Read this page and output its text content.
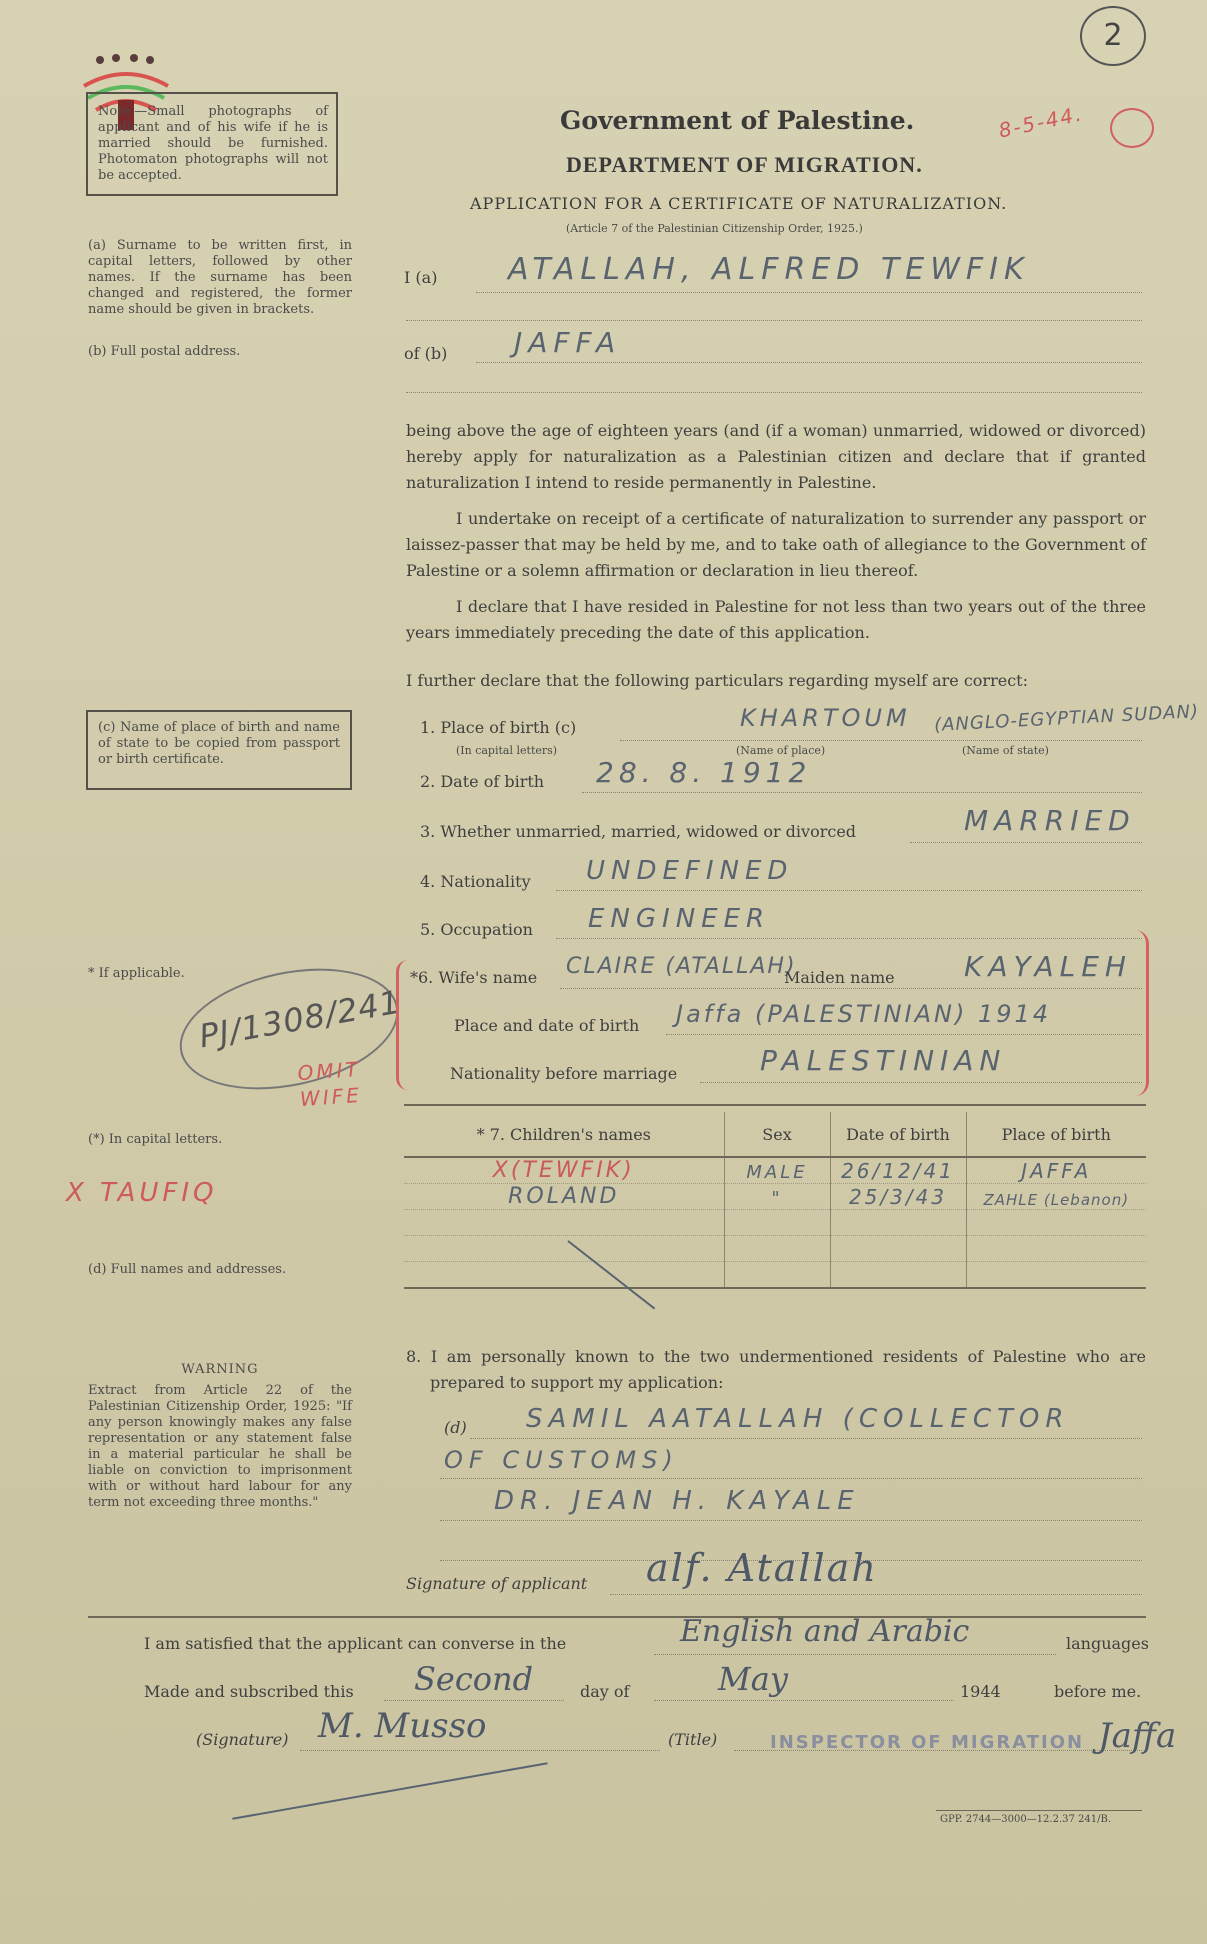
2
8-5-44.
Note.—Small photographs of applicant and of his wife if he is married should be furnished. Photomaton photographs will not be accepted.
(a) Surname to be written first, in capital letters, followed by other names. If the surname has been changed and registered, the former name should be given in brackets.
(b) Full postal address.
(c) Name of place of birth and name of state to be copied from passport or birth certificate.
* If applicable.
PJ/1308/241
OMIT WIFE
(*) In capital letters.
X TAUFIQ
(d) Full names and addresses.
WARNING
Extract from Article 22 of the Palestinian Citizenship Order, 1925: "If any person knowingly makes any false representation or any statement false in a material particular he shall be liable on conviction to imprisonment with or without hard labour for any term not exceeding three months."
Government of Palestine.
DEPARTMENT OF MIGRATION.
APPLICATION FOR A CERTIFICATE OF NATURALIZATION.
(Article 7 of the Palestinian Citizenship Order, 1925.)
I (a) ATALLAH, ALFRED TEWFIK
of (b) JAFFA
being above the age of eighteen years (and (if a woman) unmarried, widowed or divorced) hereby apply for naturalization as a Palestinian citizen and declare that if granted naturalization I intend to reside permanently in Palestine.
I undertake on receipt of a certificate of naturalization to surrender any passport or laissez-passer that may be held by me, and to take oath of allegiance to the Government of Palestine or a solemn affirmation or declaration in lieu thereof.
I declare that I have resided in Palestine for not less than two years out of the three years immediately preceding the date of this application.
I further declare that the following particulars regarding myself are correct:
1. Place of birth (c)
(In capital letters)	(Name of place)	(Name of state)
KHARTOUM (ANGLO-EGYPTIAN SUDAN)
2. Date of birth 28. 8. 1912
3. Whether unmarried, married, widowed or divorced	MARRIED
4. Nationality UNDEFINED
5. Occupation ENGINEER
*6. Wife's name CLAIRE (ATALLAH)
Maiden name KAYALEH
Place and date of birth Jaffa (PALESTINIAN) 1914
Nationality before marriage	PALESTINIAN
* 7. Children's names	Sex	Date of birth	Place of birth
X(TEWFIK)	MALE	26/12/41	JAFFA
ROLAND	"	25/3/43	ZAHLE (Lebanon)

8. I am personally known to the two undermentioned residents of Palestine who are prepared to support my application:
(d) SAMIL AATALLAH (COLLECTOR
OF CUSTOMS)
DR. JEAN H. KAYALE
Signature of applicant alf. Atallah
I am satisfied that the applicant can converse in the	English and Arabic	languages
Made and subscribed this Second	day of	May	1944	before me.
(Signature) M. Musso	(Title)	INSPECTOR OF MIGRATION Jaffa
GPP. 2744—3000—12.2.37 241/B.
